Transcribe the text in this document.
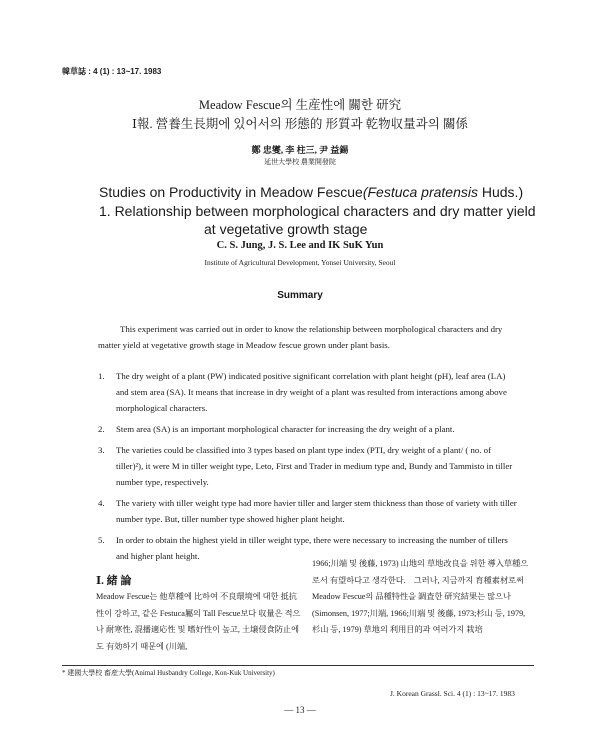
韓草誌 : 4 (1) : 13~17. 1983
Meadow Fescue의 生産性에 關한 研究
Ⅰ報. 營養生長期에 있어서의 形態的 形質과 乾物収量과의 關係
鄭 忠燮, 李 柱三, 尹 益錫
延世大學校 農業開發院
Studies on Productivity in Meadow Fescue(Festuca pratensis Huds.)
1. Relationship between morphological characters and dry matter yield
at vegetative growth stage
C. S. Jung, J. S. Lee and IK SuK Yun
Institute of Agricultural Development, Yonsei University, Seoul
Summary
This experiment was carried out in order to know the relationship between morphological characters and dry matter yield at vegetative growth stage in Meadow fescue grown under plant basis.
1. The dry weight of a plant (PW) indicated positive significant correlation with plant height (pH), leaf area (LA) and stem area (SA). It means that increase in dry weight of a plant was resulted from interactions among above morphological characters.
2. Stem area (SA) is an important morphological character for increasing the dry weight of a plant.
3. The varieties could be classified into 3 types based on plant type index (PTI, dry weight of a plant/ ( no. of tiller)²), it were M in tiller weight type, Leto, First and Trader in medium type and, Bundy and Tammisto in tiller number type, respectively.
4. The variety with tiller weight type had more havier tiller and larger stem thickness than those of variety with tiller number type. But, tiller number type showed higher plant height.
5. In order to obtain the highest yield in tiller weight type, there were necessary to increasing the number of tillers and higher plant height.
Ⅰ. 緒 論
Meadow Fescue는 他草種에 比하여 不良環境에 대한 抵抗性이 강하고, 같은 Festuca屬의 Tall Fescue보다 収量은 적으나 耐寒性, 混播適応性 및 嗜好性이 높고, 土壌侵食防止에도 有効하기 때문에 (川端,
1966;川端 및 後藤, 1973) 山地의 草地改良을 위한 導入草種으로서 有望하다고 생각한다.　그러나, 지금까지 育種素材로써 Meadow Fescue의 品種特性을 調査한 研究結果는 많으나 (Simonsen, 1977;川端, 1966;川端 및 後藤, 1973;杉山 등, 1979, 杉山 등, 1979) 草地의 利用目的과 여러가지 栽培
* 建國大學校 畜産大學(Animal Husbandry College, Kon-Kuk University)
J. Korean Grassl. Sci. 4 (1) : 13~17. 1983
— 13 —
